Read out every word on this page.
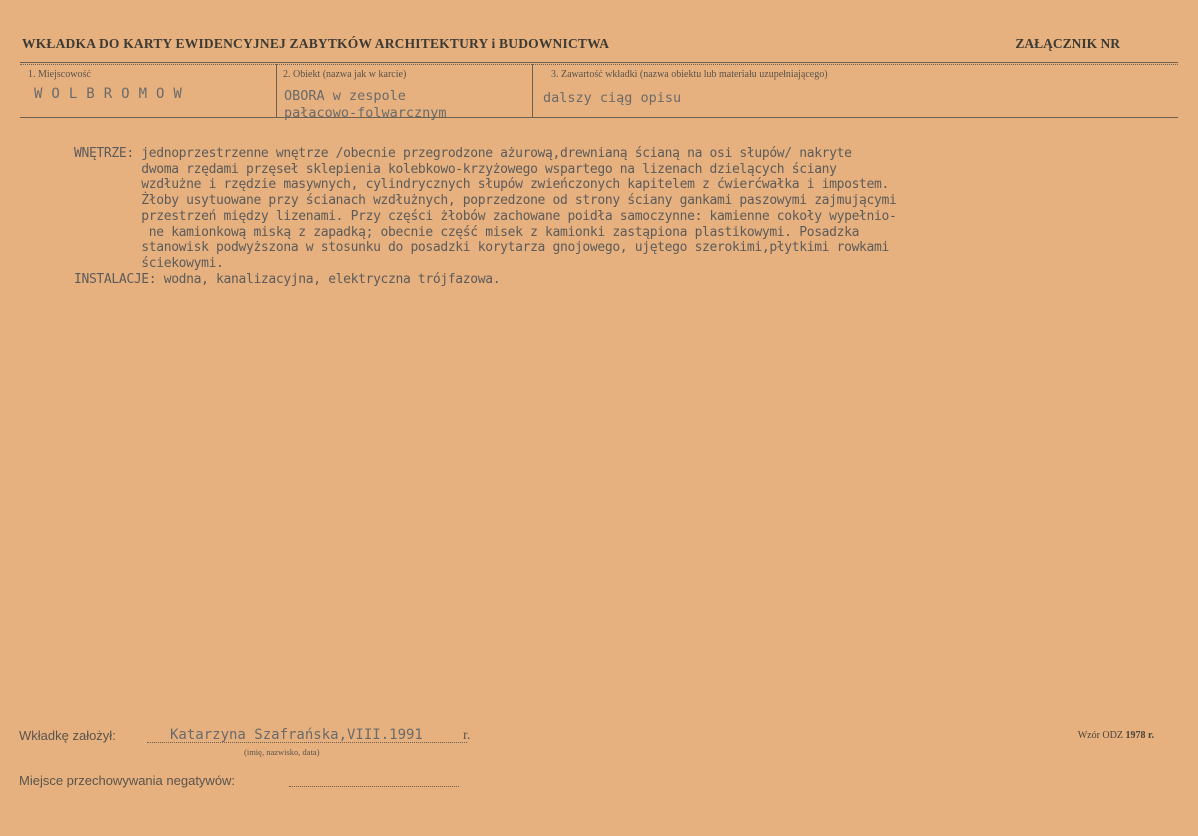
WKŁADKA DO KARTY EWIDENCYJNEJ ZABYTKÓW ARCHITEKTURY i BUDOWNICTWA	ZAŁĄCZNIK NR
1. Miejscowość
WOLBROMOW
2. Obiekt (nazwa jak w karcie)
OBORA w zespole
pałacowo-folwarcznym
3. Zawartość wkładki (nazwa obiektu lub materiału uzupełniającego)
dalszy ciąg opisu
WNĘTRZE: jednoprzestrzenne wnętrze /obecnie przegrodzone ażurową,drewnianą ścianą na osi słupów/ nakryte
dwoma rzędami przęseł sklepienia kolebkowo-krzyżowego wspartego na lizenach dzielących ściany
wzdłużne i rzędzie masywnych, cylindrycznych słupów zwieńczonych kapitelem z ćwierćwałka i impostem.
Żłoby usytuowane przy ścianach wzdłużnych, poprzedzone od strony ściany gankami paszowymi zajmującymi
przestrzeń między lizenami. Przy części żłobów zachowane poidła samoczynne: kamienne cokoły wypełnio-
ne kamionkową miską z zapadką; obecnie część misek z kamionki zastąpiona plastikowymi. Posadzka
stanowisk podwyższona w stosunku do posadzki korytarza gnojowego, ujętego szerokimi,płytkimi rowkami
ściekowymi.
INSTALACJE: wodna, kanalizacyjna, elektryczna trójfazowa.
Wkładkę założył:	Katarzyna Szafrańska,VIII.1991	r.
(imię, nazwisko, data)
Wzór ODZ 1978 r.
Miejsce przechowywania negatywów:
